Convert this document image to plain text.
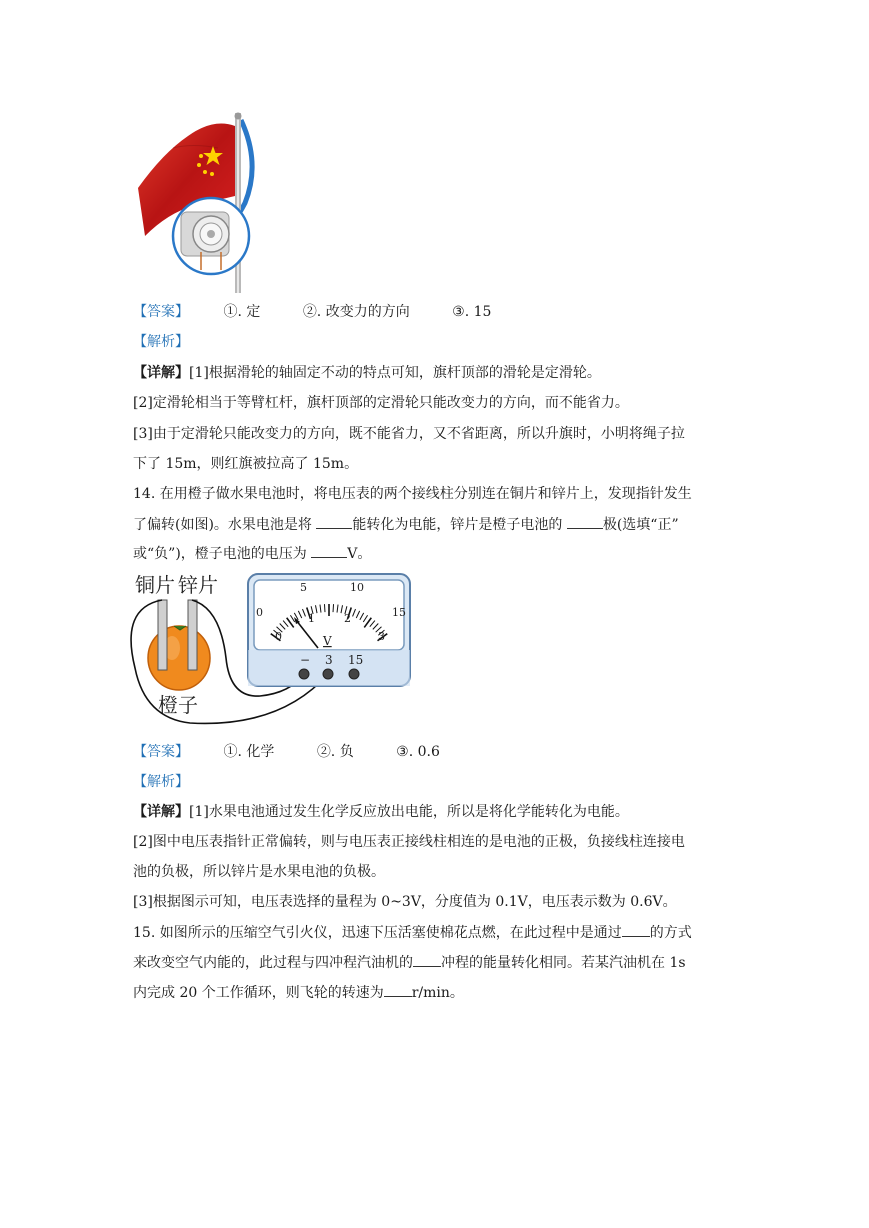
【答案】 ①. 定	②. 改变力的方向	③. 15
【解析】
【详解】[1]根据滑轮的轴固定不动的特点可知，旗杆顶部的滑轮是定滑轮。
[2]定滑轮相当于等臂杠杆，旗杆顶部的定滑轮只能改变力的方向，而不能省力。
[3]由于定滑轮只能改变力的方向，既不能省力，又不省距离，所以升旗时，小明将绳子拉
下了 15m，则红旗被拉高了 15m。
14. 在用橙子做水果电池时，将电压表的两个接线柱分别连在铜片和锌片上，发现指针发生
了偏转(如图)。水果电池是将	能转化为电能，锌片是橙子电池的	极(选填“正”
或“负”)，橙子电池的电压为	V。
铜片 锌片
橙子
0
5	10
15
0
1	2
3
V
− 3 15
【答案】 ①. 化学	②. 负	③. 0.6
【解析】
【详解】[1]水果电池通过发生化学反应放出电能，所以是将化学能转化为电能。
[2]图中电压表指针正常偏转，则与电压表正接线柱相连的是电池的正极，负接线柱连接电
池的负极，所以锌片是水果电池的负极。
[3]根据图示可知，电压表选择的量程为 0~3V，分度值为 0.1V，电压表示数为 0.6V。
15. 如图所示的压缩空气引火仪，迅速下压活塞使棉花点燃，在此过程中是通过 的方式
来改变空气内能的，此过程与四冲程汽油机的 冲程的能量转化相同。若某汽油机在 1s
内完成 20 个工作循环，则飞轮的转速为 r/min。
